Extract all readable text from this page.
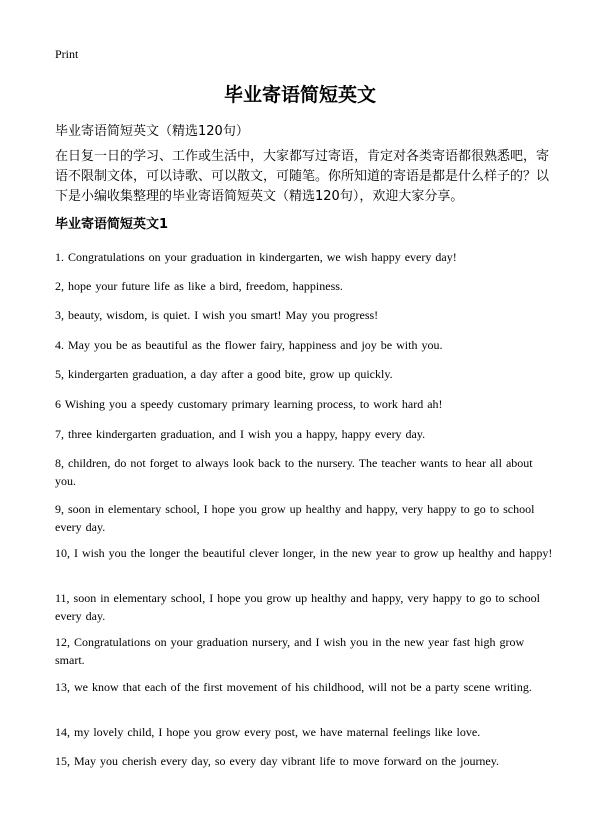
Print
毕业寄语简短英文
毕业寄语简短英文（精选120句）
在日复一日的学习、工作或生活中，大家都写过寄语，肯定对各类寄语都很熟悉吧，寄语不限制文体，可以诗歌、可以散文，可随笔。你所知道的寄语是都是什么样子的？以下是小编收集整理的毕业寄语简短英文（精选120句），欢迎大家分享。
毕业寄语简短英文1
1. Congratulations on your graduation in kindergarten, we wish happy every day!
2, hope your future life as like a bird, freedom, happiness.
3, beauty, wisdom, is quiet. I wish you smart! May you progress!
4. May you be as beautiful as the flower fairy, happiness and joy be with you.
5, kindergarten graduation, a day after a good bite, grow up quickly.
6 Wishing you a speedy customary primary learning process, to work hard ah!
7, three kindergarten graduation, and I wish you a happy, happy every day.
8, children, do not forget to always look back to the nursery. The teacher wants to hear all about you.
9, soon in elementary school, I hope you grow up healthy and happy, very happy to go to school every day.
10, I wish you the longer the beautiful clever longer, in the new year to grow up healthy and happy!
11, soon in elementary school, I hope you grow up healthy and happy, very happy to go to school every day.
12, Congratulations on your graduation nursery, and I wish you in the new year fast high grow smart.
13, we know that each of the first movement of his childhood, will not be a party scene writing.
14, my lovely child, I hope you grow every post, we have maternal feelings like love.
15, May you cherish every day, so every day vibrant life to move forward on the journey.
